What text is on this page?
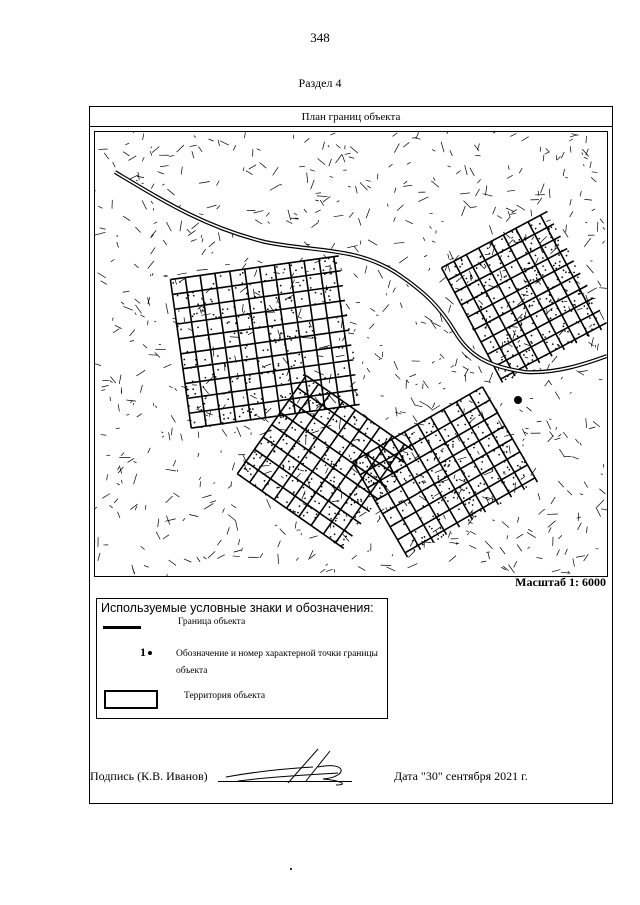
348
Раздел 4
План границ объекта
Масштаб 1: 6000
Используемые условные знаки и обозначения:
Граница объекта
1	Обозначение и номер характерной точки границы объекта
Территория объекта
Подпись (К.В. Иванов)	Дата "30" сентября 2021 г.
